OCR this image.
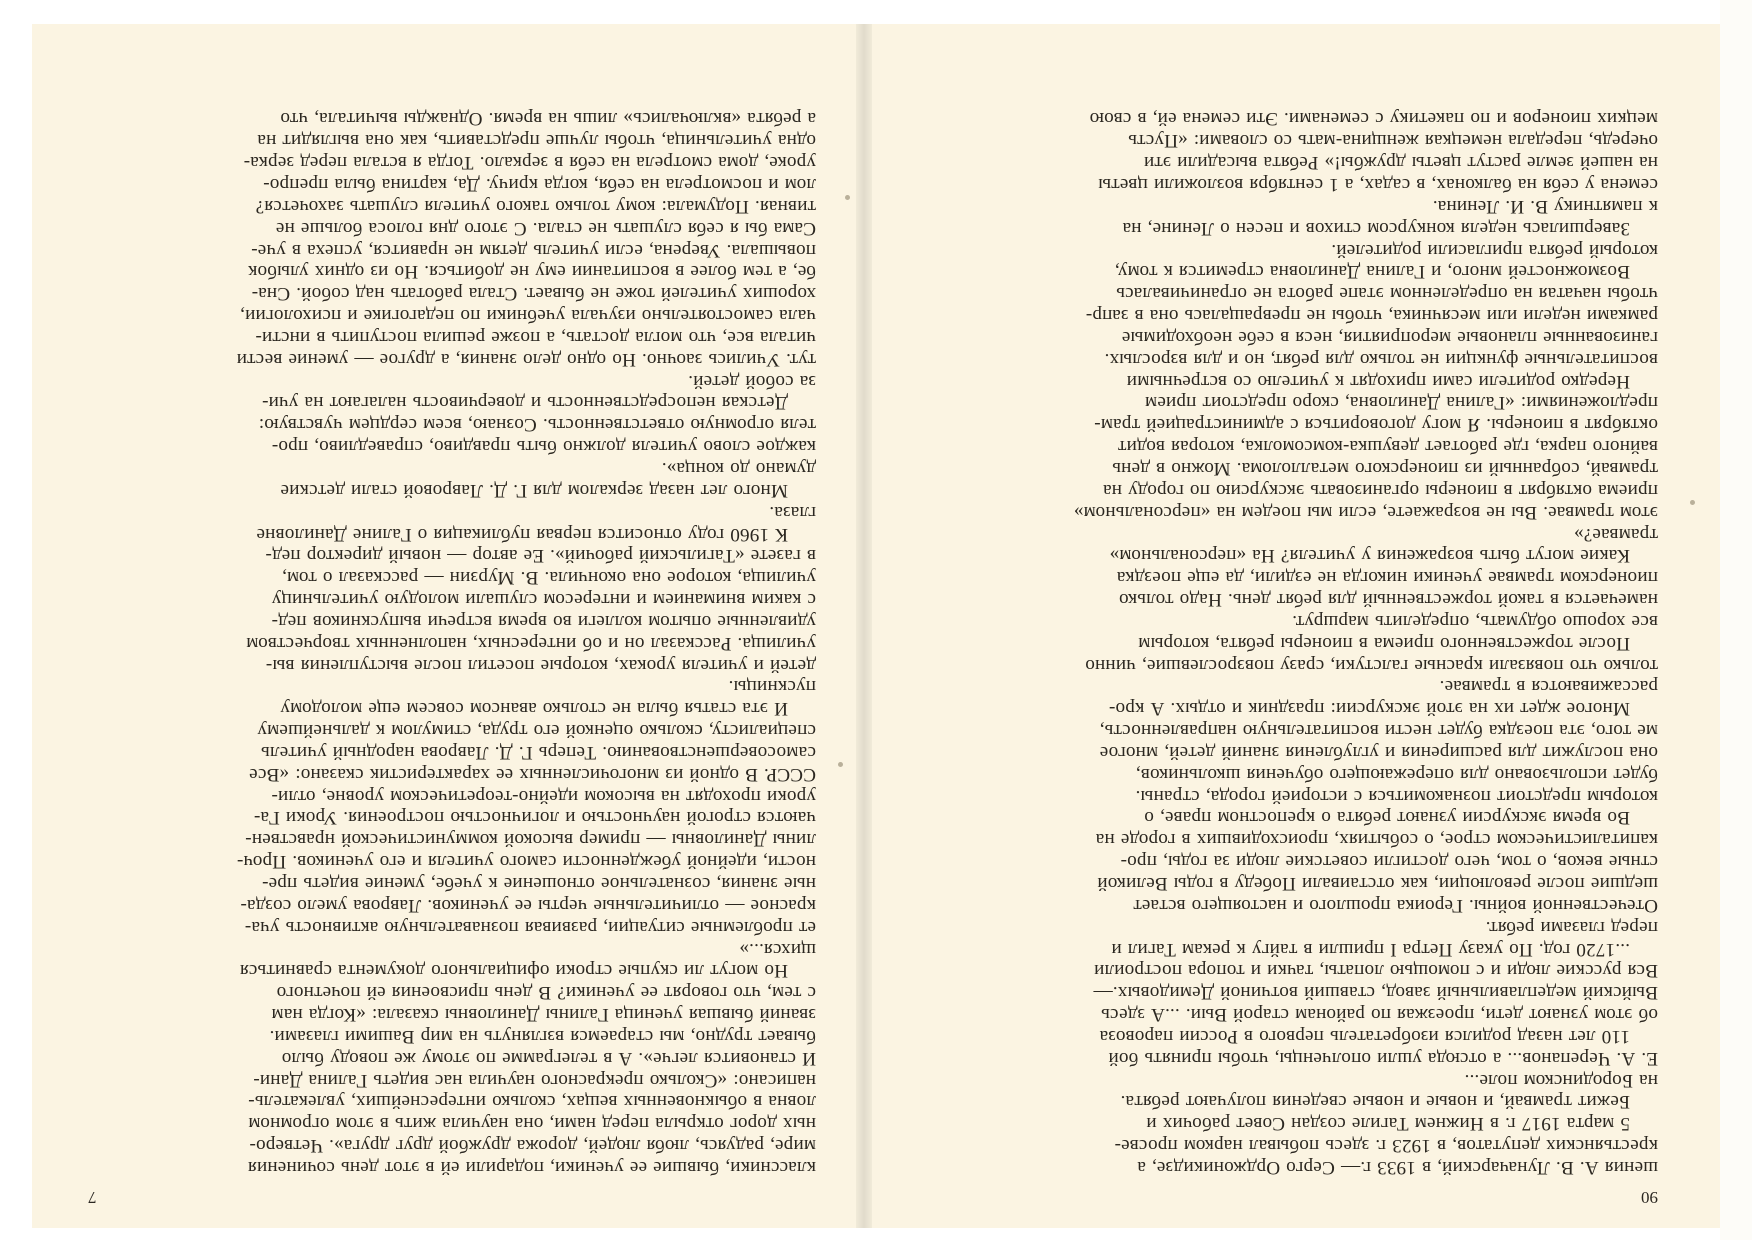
90

шения А. В. Луначарский, в 1933 г.— Серго Орджоникидзе, а

крестьянских депутатов, в 1923 г. здесь побывал нарком просве-

5 марта 1917 г. в Нижнем Тагиле создан Совет рабочих и

Бежит трамвай, и новые и новые сведения получают ребята.

на Бородинском поле...

Е. А. Черепанов... а отсюда ушли ополченцы, чтобы принять бой

110 лет назад родился изобретатель первого в России паровоза

об этом узнают дети, проезжая по районам старой Выи. ...А здесь

Выйский медеплавильный завод, ставший вотчиной Демидовых.—

Вся русские люди и с помощью лопаты, тачки и топора построили

...1720 год. По указу Петра I пришли в тайгу к рекам Тагил и

перед глазами ребят.

Отечественной войны. Героика прошлого и настоящего встает

шедшие после революции, как отстаивали Победу в годы Великой

стные веков, о том, чего достигли советские люди за годы, про-

капиталистическом строе, о событиях, происходивших в городе на

Во время экскурсии узнают ребята о крепостном праве, о

которым предстоит познакомиться с историей города, страны.

будет использовано для опережающего обучения школьников,

она послужит для расширения и углубления знаний детей, многое

ме того, эта поездка будет нести воспитательную направленность,

Многое ждет их на этой экскурсии: праздник и отдых. А кро-

рассаживаются в трамвае.

только что повязали красные галстуки, сразу повзрослевшие, чинно

После торжественного приема в пионеры ребята, которым

все хорошо обдумать, определить маршрут.

намечается в такой торжественный для ребят день. Надо только

пионерском трамвае ученики никогда не ездили, да еще поездка

Какие могут быть возражения у учителя? На «персональном»

трамвае?»

этом трамвае. Вы не возражаете, если мы поедем на «персональном»

приема октябрят в пионеры организовать экскурсию по городу на

трамвай, собранный из пионерского металлолома. Можно в день

вайного парка, где работает девушка-комсомолка, которая водит

октябрят в пионеры. Я могу договориться с администрацией трам-

предложениями: «Галина Даниловна, скоро предстоит прием

Нередко родители сами приходят к учителю со встречными

воспитательные функции не только для ребят, но и для взрослых.

ганизованные плановые мероприятия, неся в себе необходимые

рамками недели или месячника, чтобы не превращалась она в запр-

чтобы начатая на определенном этапе работа не ограничивалась

Возможностей много, и Галина Даниловна стремится к тому,

который ребята пригласили родителей.

Завершилась неделя конкурсом стихов и песен о Ленине, на

к памятнику В. И. Ленина.

семена у себя на балконах, в садах, а 1 сентября возложили цветы

на нашей земле растут цветы дружбы!» Ребята высадили эти

очередь, передала немецкая женщина-мать со словами: «Пусть

мецких пионеров и по пакетику с семенами. Эти семена ей, в свою

7

классники, бывшие ее ученики, подарили ей в этот день сочинения

мире, радуясь, любя людей, дорожа дружбой друг друга». Четверо-

ных дорог открыла перед нами, она научила жить в этом огромном

ловна в обыкновенных вещах, сколько интереснейших, увлекатель-

написано: «Сколько прекрасного научила нас видеть Галина Дани-

И становится легче». А в телеграмме по этому же поводу было

бывает трудно, мы стараемся взглянуть на мир Вашими глазами.

званий бывшая ученица Галины Даниловны сказала: «Когда нам

с тем, что говорят ее ученики? В день присвоения ей почетного

Но могут ли скупые строки официального документа сравниться

щихся...»

ет проблемные ситуации, развивая познавательную активность уча-

красное — отличительные черты ее учеников. Лаврова умело созда-

ные знания, сознательное отношение к учебе, умение видеть пре-

ности, идейной убежденности самого учителя и его учеников. Проч-

лины Даниловны — пример высокой коммунистической нравствен-

чаются строгой научностью и логичностью построения. Уроки Га-

уроки проходят на высоком идейно-теоретическом уровне, отли-

СССР. В одной из многочисленных ее характеристик сказано: «Все

самосовершенствованию. Теперь Г. Д. Лаврова народный учитель

специалисту, сколько оценкой его труда, стимулом к дальнейшему

И эта статья была не столько авансом совсем еще молодому

пускницы.

детей и учителя уроках, которые посетил после выступления вы-

училища. Рассказал он и об интересных, наполненных творчеством

удивленные опытом коллеги во время встречи выпускников пед-

с каким вниманием и интересом слушали молодую учительницу

училища, которое она окончила. В. Мурзин — рассказал о том,

в газете «Тагильский рабочий». Ее автор — новый директор пед-

К 1960 году относится первая публикация о Галине Даниловне

глаза.

Много лет назад зеркалом для Г. Д. Лавровой стали детские

думано до конца».

каждое слово учителя должно быть правдиво, справедливо, про-

теля огромную ответственность. Сознаю, всем сердцем чувствую:

Детская непосредственность и доверчивость налагают на учи-

за собой детей.

тут. Учились заочно. Но одно дело знания, а другое — умение вести

читала все, что могла достать, а позже решила поступить в инсти-

чала самостоятельно изучала учебники по педагогике и психологии,

хороших учителей тоже не бывает. Стала работать над собой. Сна-

бе, а тем более в воспитании ему не добиться. Но из одних улыбок

повышала. Уверена, если учитель детям не нравится, успеха в уче-

Сама бы я себя слушать не стала. С этого дня голоса больше не

тивная. Подумала: кому только такого учителя слушать захочется?

лом и посмотрела на себя, когда кричу. Да, картина была препро-

уроке, дома смотрела на себя в зеркало. Тогда я встала перед зерка-

одна учительница, чтобы лучше представить, как она выглядит на

а ребята «включались» лишь на время. Однажды вычитала, что
